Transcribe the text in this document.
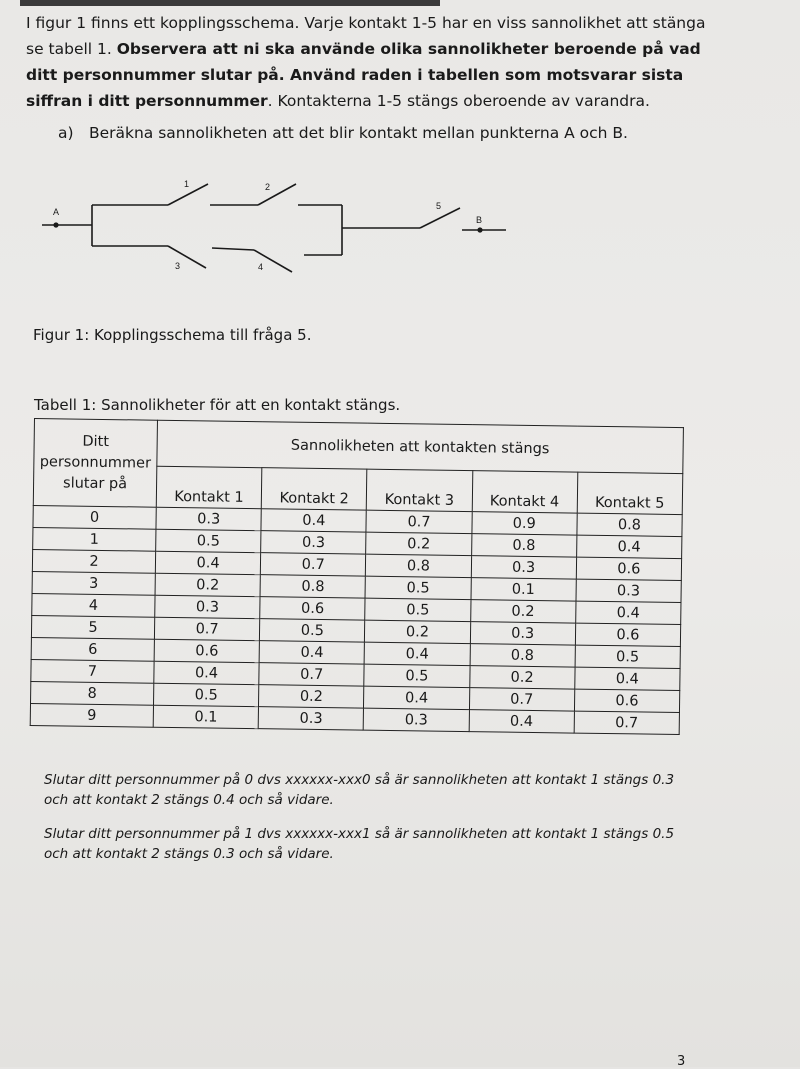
I figur 1 finns ett kopplingsschema. Varje kontakt 1-5 har en viss sannolikhet att stänga se tabell 1. Observera att ni ska använde olika sannolikheter beroende på vad ditt personnummer slutar på. Använd raden i tabellen som motsvarar sista siffran i ditt personnummer. Kontakterna 1-5 stängs oberoende av varandra.
a) Beräkna sannolikheten att det blir kontakt mellan punkterna A och B.
A
B
1	2
3	4
5
Figur 1: Kopplingsschema till fråga 5.
Tabell 1: Sannolikheter för att en kontakt stängs.
Ditt
personnummer
slutar på	Sannolikheten att kontakten stängs				
	Kontakt 1	Kontakt 2	Kontakt 3	Kontakt 4	Kontakt 5
0	0.3	0.4	0.7	0.9	0.8
1	0.5	0.3	0.2	0.8	0.4
2	0.4	0.7	0.8	0.3	0.6
3	0.2	0.8	0.5	0.1	0.3
4	0.3	0.6	0.5	0.2	0.4
5	0.7	0.5	0.2	0.3	0.6
6	0.6	0.4	0.4	0.8	0.5
7	0.4	0.7	0.5	0.2	0.4
8	0.5	0.2	0.4	0.7	0.6
9	0.1	0.3	0.3	0.4	0.7
Slutar ditt personnummer på 0 dvs xxxxxx-xxx0 så är sannolikheten att kontakt 1 stängs 0.3 och att kontakt 2 stängs 0.4 och så vidare.
Slutar ditt personnummer på 1 dvs xxxxxx-xxx1 så är sannolikheten att kontakt 1 stängs 0.5 och att kontakt 2 stängs 0.3 och så vidare.
3
